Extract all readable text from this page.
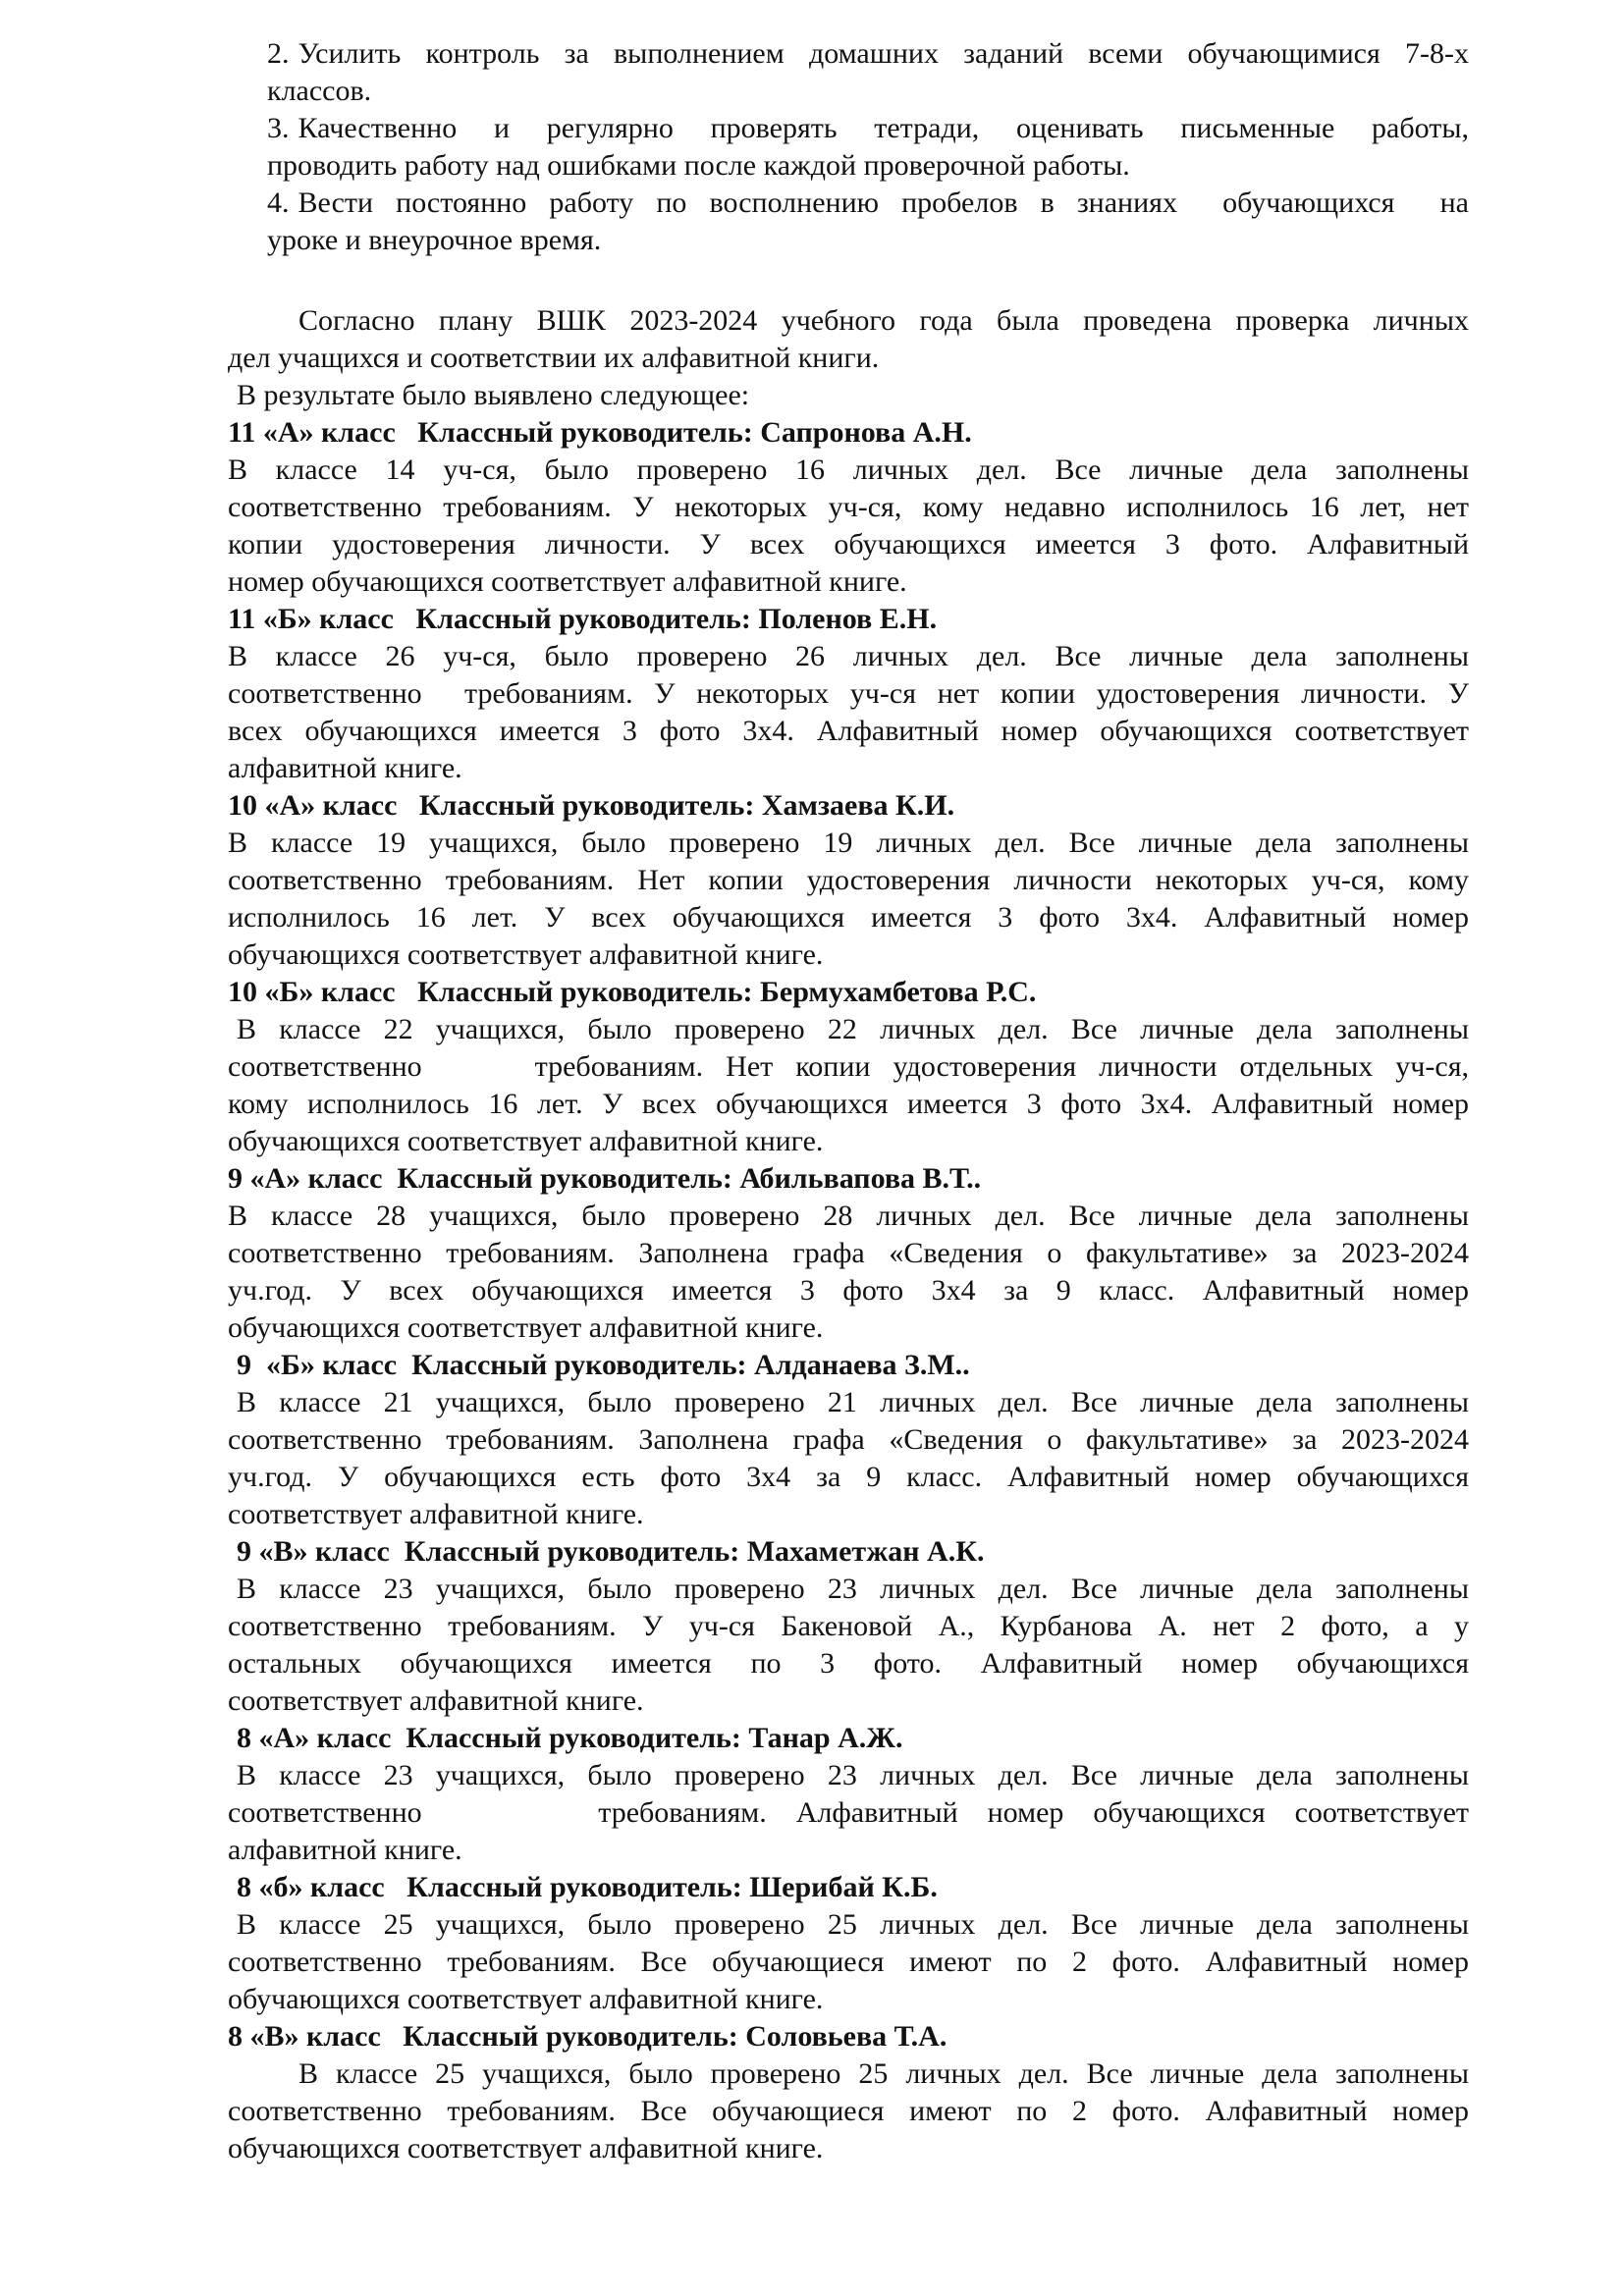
2. Усилить контроль за выполнением домашних заданий всеми обучающимися 7-8-х
классов.
3. Качественно и регулярно проверять тетради, оценивать письменные работы,
проводить работу над ошибками после каждой проверочной работы.
4. Вести постоянно работу по восполнению пробелов в знаниях  обучающихся  на
уроке и внеурочное время.
Согласно плану ВШК 2023-2024 учебного года была проведена проверка личных
дел учащихся и соответствии их алфавитной книги.
В результате было выявлено следующее:
11 «А» класс   Классный руководитель: Сапронова А.Н.
В классе 14 уч-ся, было проверено 16 личных дел. Все личные дела заполнены
соответственно требованиям. У некоторых уч-ся, кому недавно исполнилось 16 лет, нет
копии удостоверения личности. У всех обучающихся имеется 3 фото. Алфавитный
номер обучающихся соответствует алфавитной книге.
11 «Б» класс   Классный руководитель: Поленов Е.Н.
В классе 26 уч-ся, было проверено 26 личных дел. Все личные дела заполнены
соответственно  требованиям. У некоторых уч-ся нет копии удостоверения личности. У
всех обучающихся имеется 3 фото 3х4. Алфавитный номер обучающихся соответствует
алфавитной книге.
10 «А» класс   Классный руководитель: Хамзаева К.И.
В классе 19 учащихся, было проверено 19 личных дел. Все личные дела заполнены
соответственно требованиям. Нет копии удостоверения личности некоторых уч-ся, кому
исполнилось 16 лет. У всех обучающихся имеется 3 фото 3х4. Алфавитный номер
обучающихся соответствует алфавитной книге.
10 «Б» класс   Классный руководитель: Бермухамбетова Р.С.
В классе 22 учащихся, было проверено 22 личных дел. Все личные дела заполнены
соответственно     требованиям. Нет копии удостоверения личности отдельных уч-ся,
кому исполнилось 16 лет. У всех обучающихся имеется 3 фото 3х4. Алфавитный номер
обучающихся соответствует алфавитной книге.
9 «А» класс  Классный руководитель: Абильвапова В.Т..
В классе 28 учащихся, было проверено 28 личных дел. Все личные дела заполнены
соответственно требованиям. Заполнена графа «Сведения о факультативе» за 2023-2024
уч.год. У всех обучающихся имеется 3 фото 3х4 за 9 класс. Алфавитный номер
обучающихся соответствует алфавитной книге.
9  «Б» класс  Классный руководитель: Алданаева З.М..
В классе 21 учащихся, было проверено 21 личных дел. Все личные дела заполнены
соответственно требованиям. Заполнена графа «Сведения о факультативе» за 2023-2024
уч.год. У обучающихся есть фото 3х4 за 9 класс. Алфавитный номер обучающихся
соответствует алфавитной книге.
9 «В» класс  Классный руководитель: Махаметжан А.К.
В классе 23 учащихся, было проверено 23 личных дел. Все личные дела заполнены
соответственно требованиям. У уч-ся Бакеновой А., Курбанова А. нет 2 фото, а у
остальных обучающихся имеется по 3 фото. Алфавитный номер обучающихся
соответствует алфавитной книге.
8 «А» класс  Классный руководитель: Танар А.Ж.
В классе 23 учащихся, было проверено 23 личных дел. Все личные дела заполнены
соответственно      требованиям. Алфавитный номер обучающихся соответствует
алфавитной книге.
8 «б» класс   Классный руководитель: Шерибай К.Б.
В классе 25 учащихся, было проверено 25 личных дел. Все личные дела заполнены
соответственно требованиям. Все обучающиеся имеют по 2 фото. Алфавитный номер
обучающихся соответствует алфавитной книге.
8 «В» класс   Классный руководитель: Соловьева Т.А.
В классе 25 учащихся, было проверено 25 личных дел. Все личные дела заполнены
соответственно требованиям. Все обучающиеся имеют по 2 фото. Алфавитный номер
обучающихся соответствует алфавитной книге.
